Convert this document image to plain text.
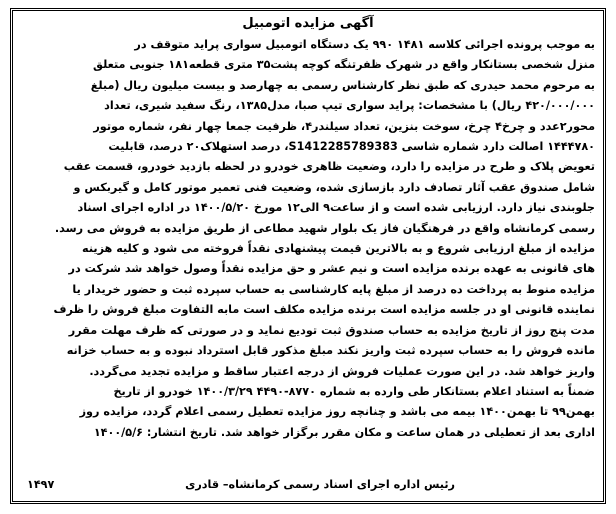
آگهی مزایده اتومبیل

به موجب پرونده اجرائی کلاسه ۱۴۸۱ ۹۹۰ یک دستگاه اتومبیل سواری پراید متوقف در
منزل شخصی بستانکار واقع در شهرک ظفرتنگه کوچه پشت۳۵ متری قطعه۱۸۱ جنوبی متعلق
به مرحوم محمد حیدری که طبق نظر کارشناس رسمی به چهارصد و بیست میلیون ریال (مبلغ
۴۲۰/۰۰۰/۰۰۰ ریال) با مشخصات: پراید سواری تیپ صبا، مدل۱۳۸۵، رنگ سفید شیری، تعداد
محور۲عدد و چرخ۴ چرخ، سوخت بنزین، تعداد سیلندر۴، ظرفیت جمعا چهار نفر، شماره موتور
۱۴۴۴۷۸۰ اصالت دارد شماره شاسی S1412285789383، درصد استهلاک۲۰ درصد، قابلیت
تعویض پلاک و طرح در مزایده را دارد، وضعیت ظاهری خودرو در لحظه بازدید خودرو، قسمت عقب
شامل صندوق عقب آثار تصادف دارد بازسازی شده، وضعیت فنی تعمیر موتور کامل و گیربکس و
جلوبندی نیاز دارد. ارزیابی شده است و از ساعت۹ الی۱۲ مورخ ۱۴۰۰/۵/۲۰ در اداره اجرای اسناد
رسمی کرمانشاه واقع در فرهنگیان فاز یک بلوار شهید مطاعی از طریق مزایده به فروش می رسد.
مزایده از مبلغ ارزیابی شروع و به بالاترین قیمت پیشنهادی نقداً فروخته می شود و کلیه هزینه
های قانونی به عهده برنده مزایده است و نیم عشر و حق مزایده نقداً وصول خواهد شد شرکت در
مزایده منوط به پرداخت ده درصد از مبلغ پایه کارشناسی به حساب سپرده ثبت و حضور خریدار یا
نماینده قانونی او در جلسه مزایده است برنده مزایده مکلف است مابه التفاوت مبلغ فروش را ظرف
مدت پنج روز از تاریخ مزایده به حساب صندوق ثبت تودیع نماید و در صورتی که ظرف مهلت مقرر
مانده فروش را به حساب سپرده ثبت واریز نکند مبلغ مذکور قابل استرداد نبوده و به حساب خزانه
واریز خواهد شد. در این صورت عملیات فروش از درجه اعتبار ساقط و مزایده تجدید می‌گردد.
ضمناً به استناد اعلام بستانکار طی وارده به شماره ۸۷۷۰-۴۴۹۰ ۱۴۰۰/۳/۲۹ خودرو از تاریخ
بهمن۹۹ تا بهمن۱۴۰۰ بیمه می باشد و چنانچه روز مزایده تعطیل رسمی اعلام گردد، مزایده روز
اداری بعد از تعطیلی در همان ساعت و مکان مقرر برگزار خواهد شد. تاریخ انتشار: ۱۴۰۰/۵/۶

رئیس اداره اجرای اسناد رسمی کرمانشاه– قادری
۱۴۹۷
